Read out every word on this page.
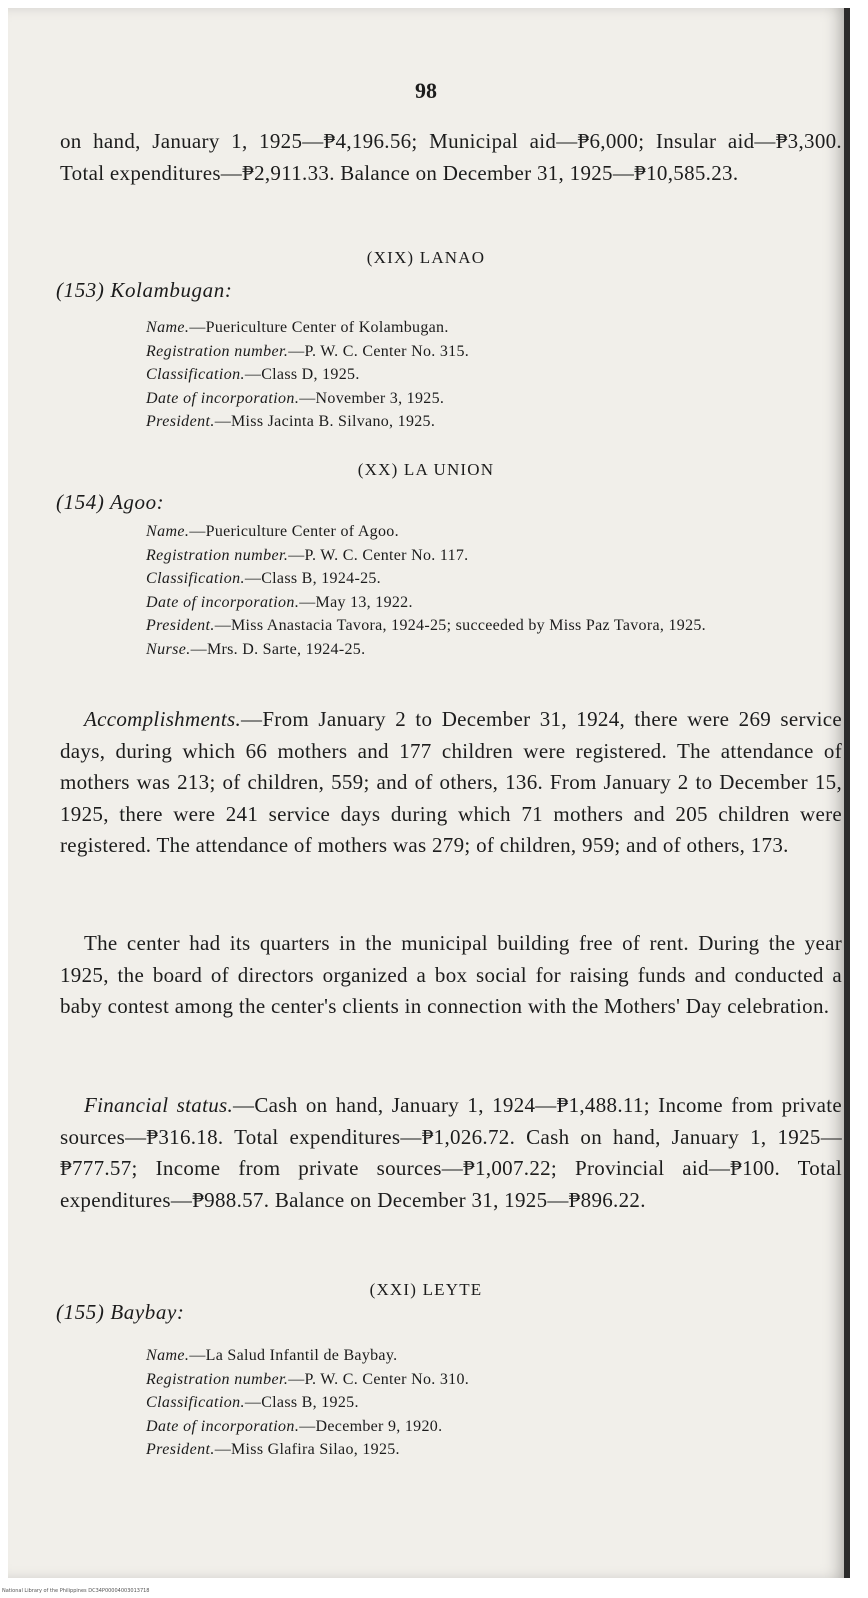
98

on hand, January 1, 1925—₱4,196.56; Municipal aid—₱6,000; Insular aid—₱3,300. Total expenditures—₱2,911.33. Balance on December 31, 1925—₱10,585.23.

(XIX) LANAO
(153) Kolambugan:

Name.—Puericulture Center of Kolambugan.

Registration number.—P. W. C. Center No. 315.

Classification.—Class D, 1925.

Date of incorporation.—November 3, 1925.

President.—Miss Jacinta B. Silvano, 1925.

(XX) LA UNION
(154) Agoo:

Name.—Puericulture Center of Agoo.

Registration number.—P. W. C. Center No. 117.

Classification.—Class B, 1924-25.

Date of incorporation.—May 13, 1922.

President.—Miss Anastacia Tavora, 1924-25; succeeded by Miss Paz Tavora, 1925.

Nurse.—Mrs. D. Sarte, 1924-25.

Accomplishments.—From January 2 to December 31, 1924, there were 269 service days, during which 66 mothers and 177 children were registered. The attendance of mothers was 213; of children, 559; and of others, 136. From January 2 to December 15, 1925, there were 241 service days during which 71 mothers and 205 children were registered. The attendance of mothers was 279; of children, 959; and of others, 173.

The center had its quarters in the municipal building free of rent. During the year 1925, the board of directors organized a box social for raising funds and conducted a baby contest among the center's clients in connection with the Mothers' Day celebration.

Financial status.—Cash on hand, January 1, 1924—₱1,488.11; Income from private sources—₱316.18. Total expenditures—₱1,026.72. Cash on hand, January 1, 1925—₱777.57; Income from private sources—₱1,007.22; Provincial aid—₱100. Total expenditures—₱988.57. Balance on December 31, 1925—₱896.22.

(XXI) LEYTE
(155) Baybay:

Name.—La Salud Infantil de Baybay.

Registration number.—P. W. C. Center No. 310.

Classification.—Class B, 1925.

Date of incorporation.—December 9, 1920.

President.—Miss Glafira Silao, 1925.

National Library of the Philippines DC34P00004003013718
